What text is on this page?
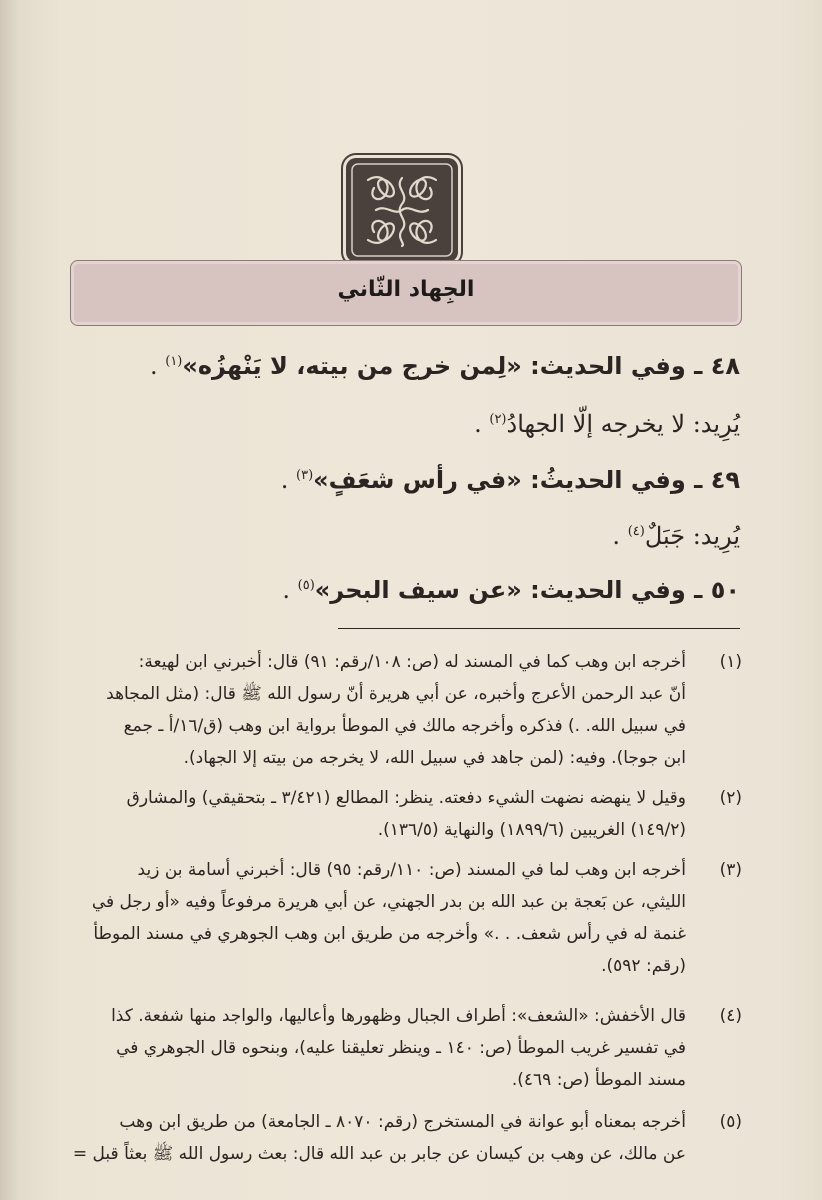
الجِهاد الثّاني
٤٨ ـ وفي الحديث: «لِمن خرج من بيته، لا يَنْهزُه»$^{(١)}$ .
يُرِيد: لا يخرجه إلّا الجهادُ$^{(٢)}$ .
٤٩ ـ وفي الحديثُ: «في رأس شعَفٍ»$^{(٣)}$ .
يُرِيد: جَبَلٌ$^{(٤)}$ .
٥٠ ـ وفي الحديث: «عن سيف البحر»$^{(٥)}$ .
(١)
أخرجه ابن وهب كما في المسند له (ص: ١٠٨/رقم: ٩١) قال: أخبرني ابن لهيعة:
أنّ عبد الرحمن الأعرج وأخبره، عن أبي هريرة أنّ رسول الله ﷺ قال: (مثل المجاهد
في سبيل الله. .) فذكره وأخرجه مالك في الموطأ برواية ابن وهب (ق/١٦/أ ـ جمع
ابن جوجا). وفيه: (لمن جاهد في سبيل الله، لا يخرجه من بيته إلا الجهاد).
(٢)
وقيل لا ينهضه نضهت الشيء دفعته. ينظر: المطالع (٣/٤٢١ ـ بتحقيقي) والمشارق
(١٤٩/٢) الغريبين (١٨٩٩/٦) والنهاية (١٣٦/٥).
(٣)
أخرجه ابن وهب لما في المسند (ص: ١١٠/رقم: ٩٥) قال: أخبرني أسامة بن زيد
الليثي، عن بَعجة بن عبد الله بن بدر الجهني، عن أبي هريرة مرفوعاً وفيه «أو رجل في
غنمة له في رأس شعف. . .» وأخرجه من طريق ابن وهب الجوهري في مسند الموطأ
(رقم: ٥٩٢).
(٤)
قال الأخفش: «الشعف»: أطراف الجبال وظهورها وأعاليها، والواجد منها شفعة. كذا
في تفسير غريب الموطأ (ص: ١٤٠ ـ وينظر تعليقنا عليه)، وبنحوه قال الجوهري في
مسند الموطأ (ص: ٤٦٩).
(٥)
أخرجه بمعناه أبو عوانة في المستخرج (رقم: ٨٠٧٠ ـ الجامعة) من طريق ابن وهب
عن مالك، عن وهب بن كيسان عن جابر بن عبد الله قال: بعث رسول الله ﷺ بعثاً قبل =
